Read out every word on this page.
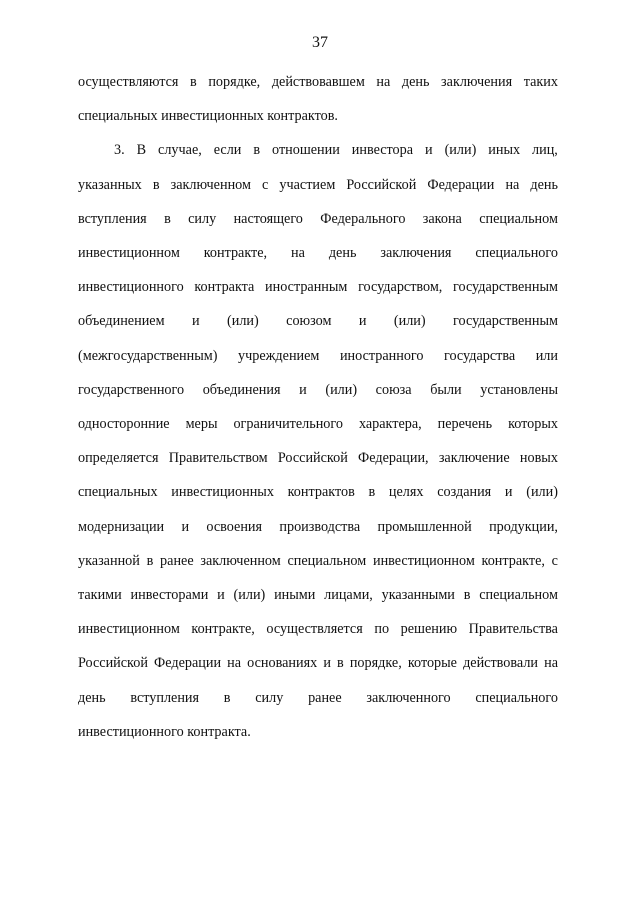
37
осуществляются в порядке, действовавшем на день заключения таких
специальных инвестиционных контрактов.
3. В случае, если в отношении инвестора и (или) иных лиц,
указанных в заключенном с участием Российской Федерации на день
вступления в силу настоящего Федерального закона специальном
инвестиционном контракте, на день заключения специального
инвестиционного контракта иностранным государством, государственным
объединением и (или) союзом и (или) государственным
(межгосударственным) учреждением иностранного государства или
государственного объединения и (или) союза были установлены
односторонние меры ограничительного характера, перечень которых
определяется Правительством Российской Федерации, заключение новых
специальных инвестиционных контрактов в целях создания и (или)
модернизации и освоения производства промышленной продукции,
указанной в ранее заключенном специальном инвестиционном контракте, с
такими инвесторами и (или) иными лицами, указанными в специальном
инвестиционном контракте, осуществляется по решению Правительства
Российской Федерации на основаниях и в порядке, которые действовали на
день вступления в силу ранее заключенного специального
инвестиционного контракта.
